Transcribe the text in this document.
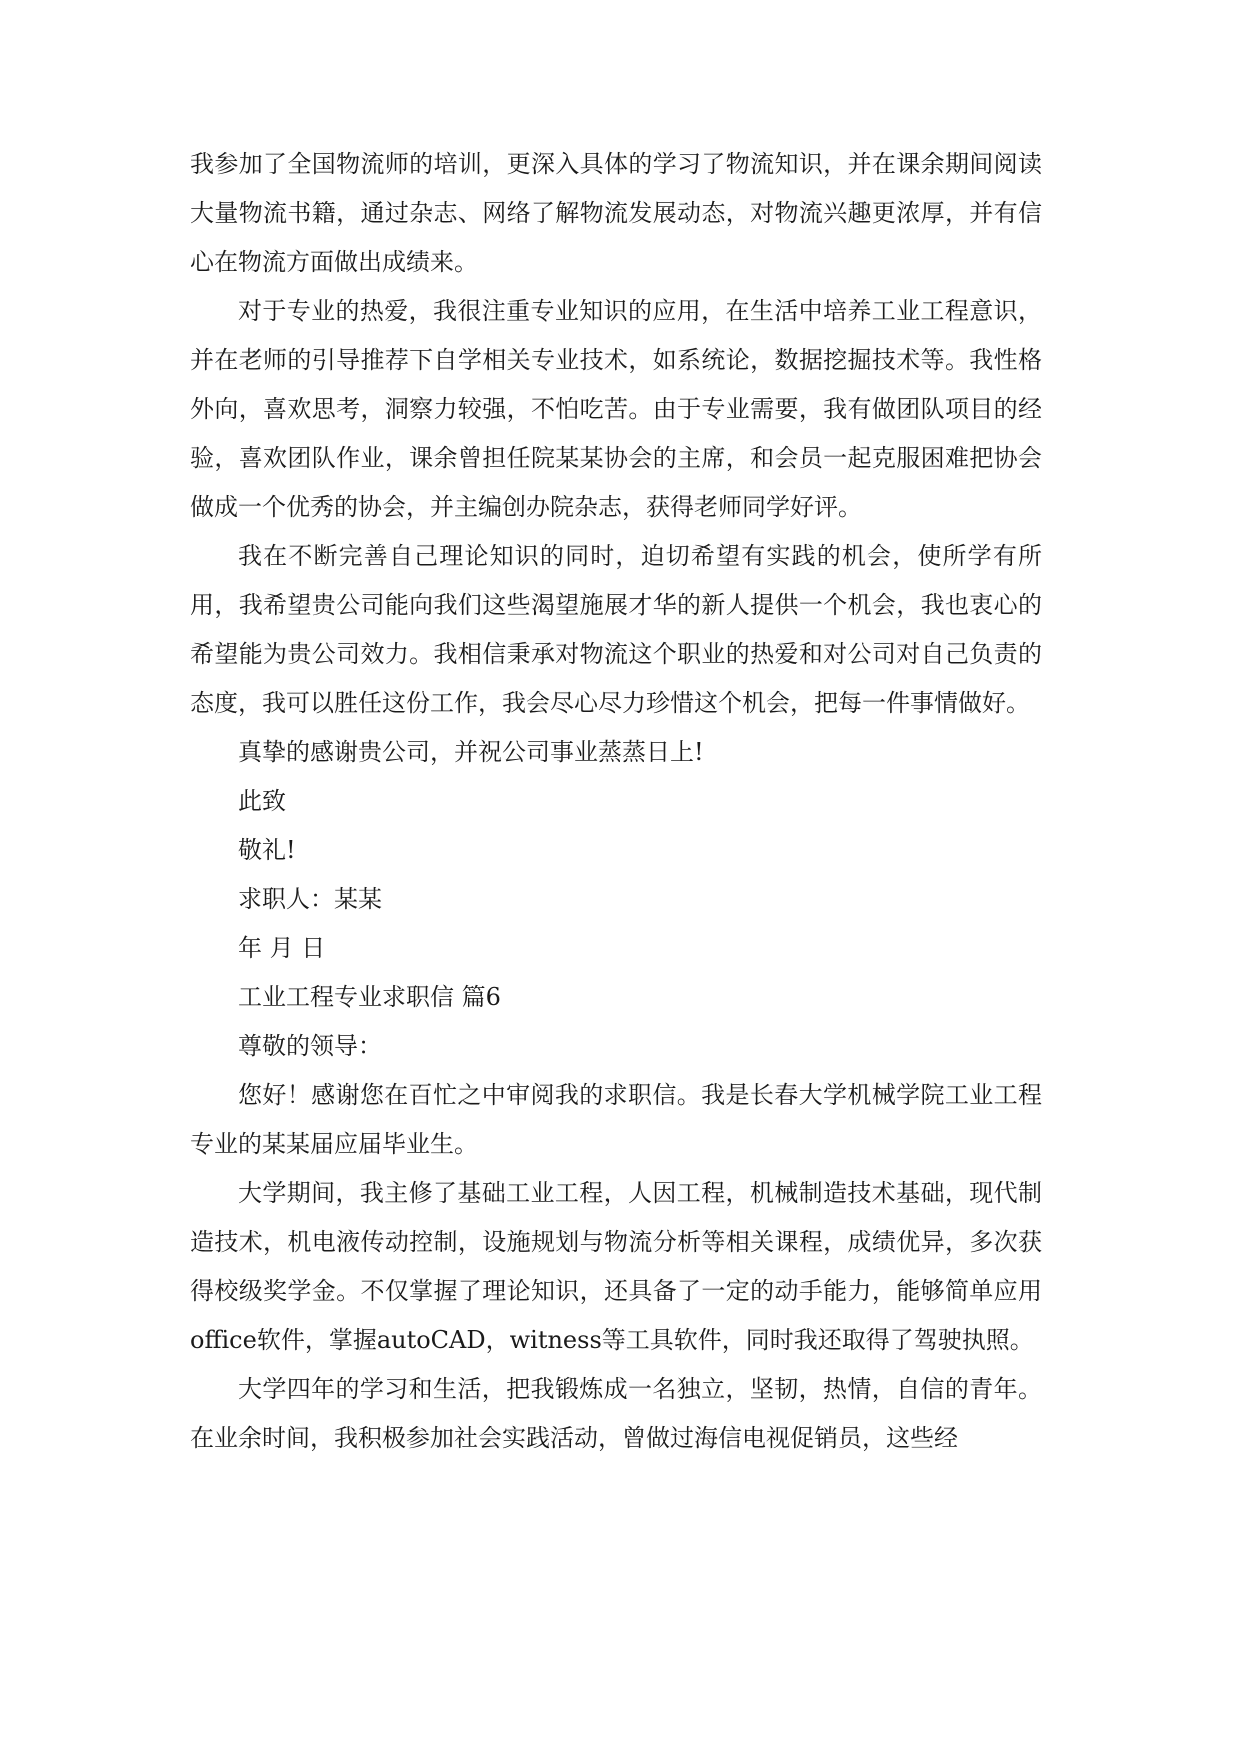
我参加了全国物流师的培训，更深入具体的学习了物流知识，并在课余期间阅读大量物流书籍，通过杂志、网络了解物流发展动态，对物流兴趣更浓厚，并有信心在物流方面做出成绩来。

对于专业的热爱，我很注重专业知识的应用，在生活中培养工业工程意识，并在老师的引导推荐下自学相关专业技术，如系统论，数据挖掘技术等。我性格外向，喜欢思考，洞察力较强，不怕吃苦。由于专业需要，我有做团队项目的经验，喜欢团队作业，课余曾担任院某某协会的主席，和会员一起克服困难把协会做成一个优秀的协会，并主编创办院杂志，获得老师同学好评。

我在不断完善自己理论知识的同时，迫切希望有实践的机会，使所学有所用，我希望贵公司能向我们这些渴望施展才华的新人提供一个机会，我也衷心的希望能为贵公司效力。我相信秉承对物流这个职业的热爱和对公司对自己负责的态度，我可以胜任这份工作，我会尽心尽力珍惜这个机会，把每一件事情做好。

真挚的感谢贵公司，并祝公司事业蒸蒸日上!

此致

敬礼!

求职人：某某

年 月 日

工业工程专业求职信 篇6

尊敬的领导：

您好！感谢您在百忙之中审阅我的求职信。我是长春大学机械学院工业工程专业的某某届应届毕业生。

大学期间，我主修了基础工业工程，人因工程，机械制造技术基础，现代制造技术，机电液传动控制，设施规划与物流分析等相关课程，成绩优异，多次获得校级奖学金。不仅掌握了理论知识，还具备了一定的动手能力，能够简单应用office软件，掌握autoCAD，witness等工具软件，同时我还取得了驾驶执照。

大学四年的学习和生活，把我锻炼成一名独立，坚韧，热情，自信的青年。在业余时间，我积极参加社会实践活动，曾做过海信电视促销员，这些经
